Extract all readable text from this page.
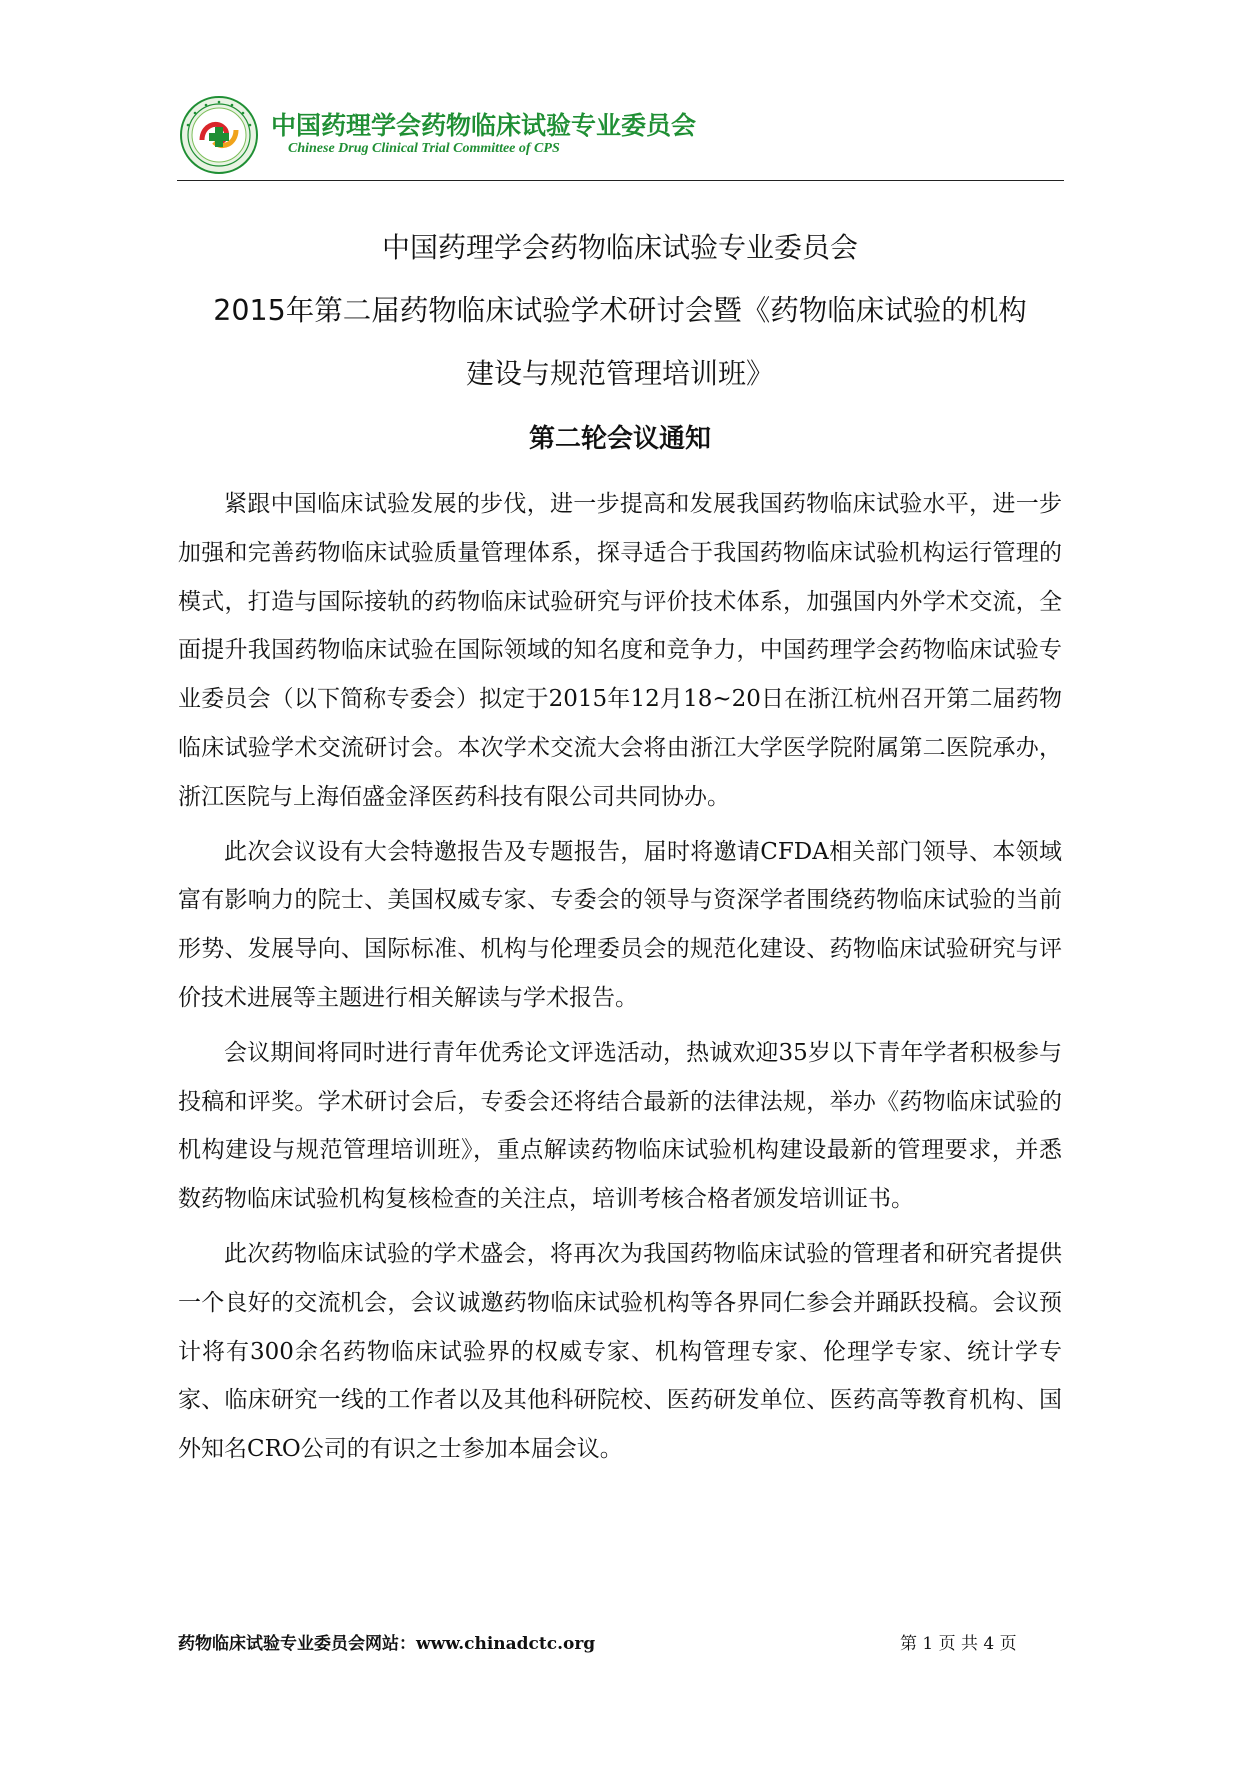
中国药理学会药物临床试验专业委员会
Chinese Drug Clinical Trial Committee of CPS
中国药理学会药物临床试验专业委员会
2015年第二届药物临床试验学术研讨会暨《药物临床试验的机构
建设与规范管理培训班》
第二轮会议通知

紧跟中国临床试验发展的步伐，进一步提高和发展我国药物临床试验水平，进一步加强和完善药物临床试验质量管理体系，探寻适合于我国药物临床试验机构运行管理的模式，打造与国际接轨的药物临床试验研究与评价技术体系，加强国内外学术交流，全面提升我国药物临床试验在国际领域的知名度和竞争力，中国药理学会药物临床试验专业委员会（以下简称专委会）拟定于2015年12月18~20日在浙江杭州召开第二届药物临床试验学术交流研讨会。本次学术交流大会将由浙江大学医学院附属第二医院承办，浙江医院与上海佰盛金泽医药科技有限公司共同协办。

此次会议设有大会特邀报告及专题报告，届时将邀请CFDA相关部门领导、本领域富有影响力的院士、美国权威专家、专委会的领导与资深学者围绕药物临床试验的当前形势、发展导向、国际标准、机构与伦理委员会的规范化建设、药物临床试验研究与评价技术进展等主题进行相关解读与学术报告。

会议期间将同时进行青年优秀论文评选活动，热诚欢迎35岁以下青年学者积极参与投稿和评奖。学术研讨会后，专委会还将结合最新的法律法规，举办《药物临床试验的机构建设与规范管理培训班》，重点解读药物临床试验机构建设最新的管理要求，并悉数药物临床试验机构复核检查的关注点，培训考核合格者颁发培训证书。

此次药物临床试验的学术盛会，将再次为我国药物临床试验的管理者和研究者提供一个良好的交流机会，会议诚邀药物临床试验机构等各界同仁参会并踊跃投稿。会议预计将有300余名药物临床试验界的权威专家、机构管理专家、伦理学专家、统计学专家、临床研究一线的工作者以及其他科研院校、医药研发单位、医药高等教育机构、国外知名CRO公司的有识之士参加本届会议。

药物临床试验专业委员会网站：www.chinadctc.org	第 1 页 共 4 页
